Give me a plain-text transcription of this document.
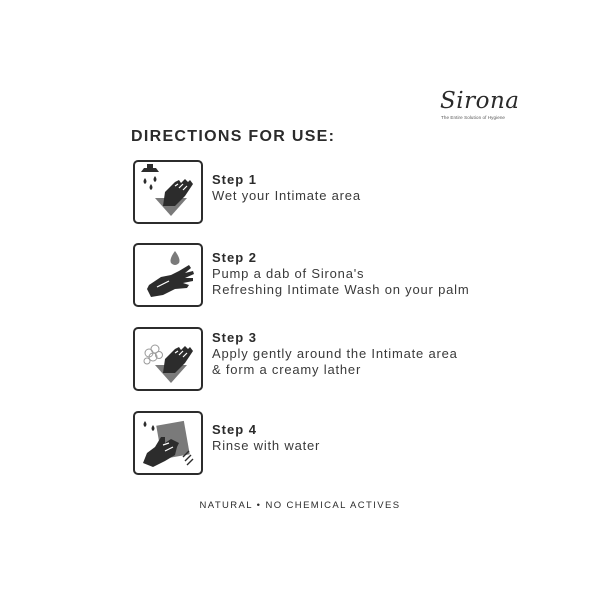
Sirona
The Entire Solution of Hygiene
DIRECTIONS FOR USE:
Step 1
Wet your Intimate area
Step 2
Pump a dab of Sirona's
Refreshing Intimate Wash on your palm
Step 3
Apply gently around the Intimate area
& form a creamy lather
Step 4
Rinse with water
NATURAL • NO CHEMICAL ACTIVES
